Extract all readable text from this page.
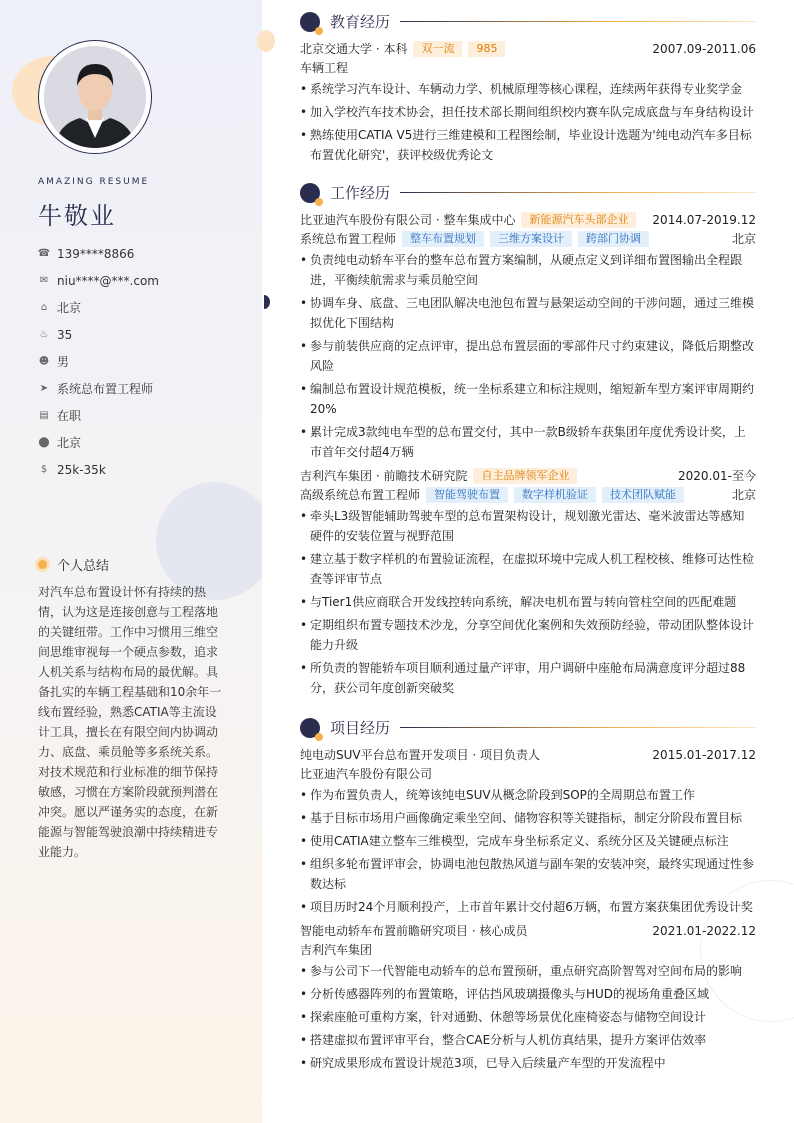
AMAZING RESUME
牛敬业
☎ 139****8866
✉ niu****@***.com
⌂ 北京
♨ 35
☻ 男
➤ 系统总布置工程师
▤ 在职
⬤ 北京
$ 25k-35k
个人总结
对汽车总布置设计怀有持续的热情，认为这是连接创意与工程落地的关键纽带。工作中习惯用三维空间思维审视每一个硬点参数，追求人机关系与结构布局的最优解。具备扎实的车辆工程基础和10余年一线布置经验，熟悉CATIA等主流设计工具，擅长在有限空间内协调动力、底盘、乘员舱等多系统关系。对技术规范和行业标准的细节保持敏感，习惯在方案阶段就预判潜在冲突。愿以严谨务实的态度，在新能源与智能驾驶浪潮中持续精进专业能力。
教育经历
北京交通大学 · 本科	双一流	985	2007.09-2011.06
车辆工程
• 系统学习汽车设计、车辆动力学、机械原理等核心课程，连续两年获得专业奖学金
• 加入学校汽车技术协会，担任技术部长期间组织校内赛车队完成底盘与车身结构设计
• 熟练使用CATIA V5进行三维建模和工程图绘制，毕业设计选题为'纯电动汽车多目标布置优化研究'，获评校级优秀论文
工作经历
比亚迪汽车股份有限公司 · 整车集成中心	新能源汽车头部企业	2014.07-2019.12
系统总布置工程师	整车布置规划	三维方案设计	跨部门协调	北京
• 负责纯电动轿车平台的整车总布置方案编制，从硬点定义到详细布置图输出全程跟进，平衡续航需求与乘员舱空间
• 协调车身、底盘、三电团队解决电池包布置与悬架运动空间的干涉问题，通过三维模拟优化下围结构
• 参与前装供应商的定点评审，提出总布置层面的零部件尺寸约束建议，降低后期整改风险
• 编制总布置设计规范模板，统一坐标系建立和标注规则，缩短新车型方案评审周期约20%
• 累计完成3款纯电车型的总布置交付，其中一款B级轿车获集团年度优秀设计奖，上市首年交付超4万辆
吉利汽车集团 · 前瞻技术研究院	自主品牌领军企业	2020.01-至今
高级系统总布置工程师	智能驾驶布置	数字样机验证	技术团队赋能	北京
• 牵头L3级智能辅助驾驶车型的总布置架构设计，规划激光雷达、毫米波雷达等感知硬件的安装位置与视野范围
• 建立基于数字样机的布置验证流程，在虚拟环境中完成人机工程校核、维修可达性检查等评审节点
• 与Tier1供应商联合开发线控转向系统，解决电机布置与转向管柱空间的匹配难题
• 定期组织布置专题技术沙龙，分享空间优化案例和失效预防经验，带动团队整体设计能力升级
• 所负责的智能轿车项目顺利通过量产评审，用户调研中座舱布局满意度评分超过88分，获公司年度创新突破奖
项目经历
纯电动SUV平台总布置开发项目 · 项目负责人	2015.01-2017.12
比亚迪汽车股份有限公司
• 作为布置负责人，统筹该纯电SUV从概念阶段到SOP的全周期总布置工作
• 基于目标市场用户画像确定乘坐空间、储物容积等关键指标，制定分阶段布置目标
• 使用CATIA建立整车三维模型，完成车身坐标系定义、系统分区及关键硬点标注
• 组织多轮布置评审会，协调电池包散热风道与副车架的安装冲突，最终实现通过性参数达标
• 项目历时24个月顺利投产，上市首年累计交付超6万辆，布置方案获集团优秀设计奖
智能电动轿车布置前瞻研究项目 · 核心成员	2021.01-2022.12
吉利汽车集团
• 参与公司下一代智能电动轿车的总布置预研，重点研究高阶智驾对空间布局的影响
• 分析传感器阵列的布置策略，评估挡风玻璃摄像头与HUD的视场角重叠区域
• 探索座舱可重构方案，针对通勤、休憩等场景优化座椅姿态与储物空间设计
• 搭建虚拟布置评审平台，整合CAE分析与人机仿真结果，提升方案评估效率
• 研究成果形成布置设计规范3项，已导入后续量产车型的开发流程中
